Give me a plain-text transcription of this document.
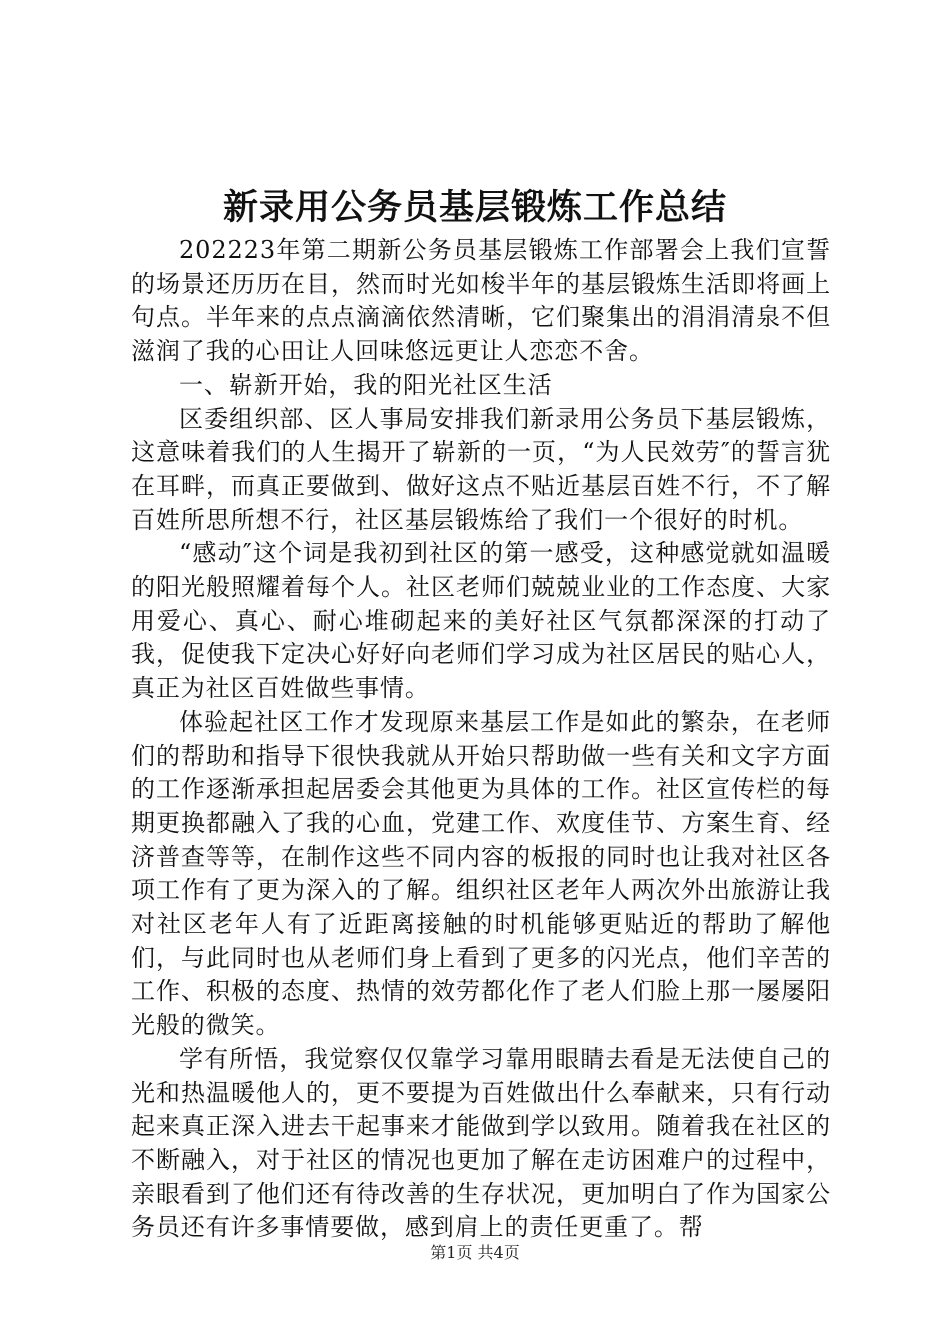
新录用公务员基层锻炼工作总结

202223年第二期新公务员基层锻炼工作部署会上我们宣誓的场景还历历在目，然而时光如梭半年的基层锻炼生活即将画上句点。半年来的点点滴滴依然清晰，它们聚集出的涓涓清泉不但滋润了我的心田让人回味悠远更让人恋恋不舍。

一、崭新开始，我的阳光社区生活

区委组织部、区人事局安排我们新录用公务员下基层锻炼，这意味着我们的人生揭开了崭新的一页，“为人民效劳″的誓言犹在耳畔，而真正要做到、做好这点不贴近基层百姓不行，不了解百姓所思所想不行，社区基层锻炼给了我们一个很好的时机。

“感动″这个词是我初到社区的第一感受，这种感觉就如温暖的阳光般照耀着每个人。社区老师们兢兢业业的工作态度、大家用爱心、真心、耐心堆砌起来的美好社区气氛都深深的打动了我，促使我下定决心好好向老师们学习成为社区居民的贴心人，真正为社区百姓做些事情。

体验起社区工作才发现原来基层工作是如此的繁杂，在老师们的帮助和指导下很快我就从开始只帮助做一些有关和文字方面的工作逐渐承担起居委会其他更为具体的工作。社区宣传栏的每期更换都融入了我的心血，党建工作、欢度佳节、方案生育、经济普查等等，在制作这些不同内容的板报的同时也让我对社区各项工作有了更为深入的了解。组织社区老年人两次外出旅游让我对社区老年人有了近距离接触的时机能够更贴近的帮助了解他们，与此同时也从老师们身上看到了更多的闪光点，他们辛苦的工作、积极的态度、热情的效劳都化作了老人们脸上那一屡屡阳光般的微笑。

学有所悟，我觉察仅仅靠学习靠用眼睛去看是无法使自己的光和热温暖他人的，更不要提为百姓做出什么奉献来，只有行动起来真正深入进去干起事来才能做到学以致用。随着我在社区的不断融入，对于社区的情况也更加了解在走访困难户的过程中，亲眼看到了他们还有待改善的生存状况，更加明白了作为国家公务员还有许多事情要做，感到肩上的责任更重了。帮

第1页 共4页
